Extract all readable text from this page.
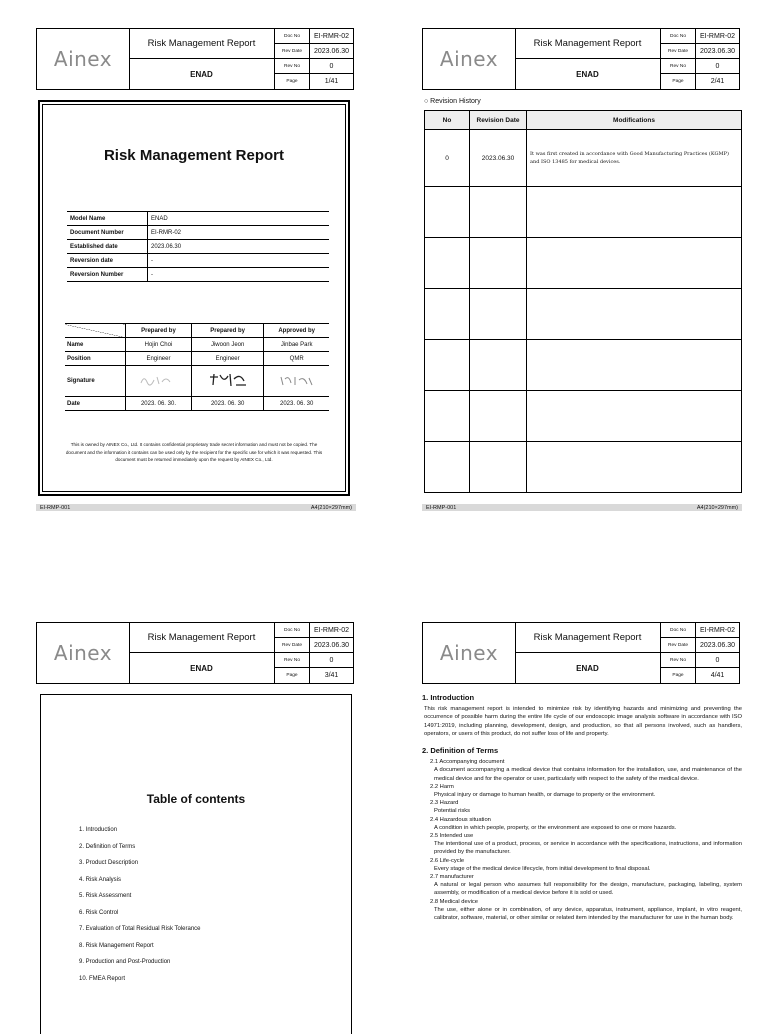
Ainex
Risk Management Report
ENAD
Doc No	EI-RMR-02
Rev Date	2023.06.30
Rev No	0
Page	1/41
Risk Management Report
Model Name	ENAD
Document Number	EI-RMR-02
Established date	2023.06.30
Reversion date	-
Reversion Number	-
	Prepared by	Prepared by	Approved by
Name	Hojin Choi	Jiwoon Jeon	Jinbae Park
Position	Engineer	Engineer	QMR
Signature			
Date	2023. 06. 30.	2023. 06. 30	2023. 06. 30
This is owned by AINEX Co., Ltd. It contains confidential proprietary trade secret information and must not be copied. The document and the information it contains can be used only by the recipient for the specific use for which it was requested. This document must be returned immediately upon the request by AINEX Co., Ltd.
EI-RMP-001	A4(210×297mm)
Ainex
Risk Management Report
ENAD
Doc No	EI-RMR-02
Rev Date	2023.06.30
Rev No	0
Page	2/41
○ Revision History
No	Revision Date	Modifications
0	2023.06.30	It was first created in accordance with Good Manufacturing Practices (KGMP) and ISO 13485 for medical devices.

EI-RMP-001	A4(210×297mm)
Ainex
Risk Management Report
ENAD
Doc No	EI-RMR-02
Rev Date	2023.06.30
Rev No	0
Page	3/41
Table of contents
1. Introduction
2. Definition of Terms
3. Product Description
4. Risk Analysis
5. Risk Assessment
6. Risk Control
7. Evaluation of Total Residual Risk Tolerance
8. Risk Management Report
9. Production and Post-Production
10. FMEA Report
Ainex
Risk Management Report
ENAD
Doc No	EI-RMR-02
Rev Date	2023.06.30
Rev No	0
Page	4/41
1. Introduction

This risk management report is intended to minimize risk by identifying hazards and minimizing and preventing the occurrence of possible harm during the entire life cycle of our endoscopic image analysis software in accordance with ISO 14971:2019, including planning, development, design, and production, so that all persons involved, such as handlers, operators, or users of this product, do not suffer loss of life and property.

2. Definition of Terms
2.1 Accompanying document
A document accompanying a medical device that contains information for the installation, use, and maintenance of the medical device and for the operator or user, particularly with respect to the safety of the medical device.
2.2 Harm
Physical injury or damage to human health, or damage to property or the environment.
2.3 Hazard
Potential risks
2.4 Hazardous situation
A condition in which people, property, or the environment are exposed to one or more hazards.
2.5 Intended use
The intentional use of a product, process, or service in accordance with the specifications, instructions, and information provided by the manufacturer.
2.6 Life-cycle
Every stage of the medical device lifecycle, from initial development to final disposal.
2.7 manufacturer
A natural or legal person who assumes full responsibility for the design, manufacture, packaging, labeling, system assembly, or modification of a medical device before it is sold or used.
2.8 Medical device
The use, either alone or in combination, of any device, apparatus, instrument, appliance, implant, in vitro reagent, calibrator, software, material, or other similar or related item intended by the manufacturer for use in the human body.
